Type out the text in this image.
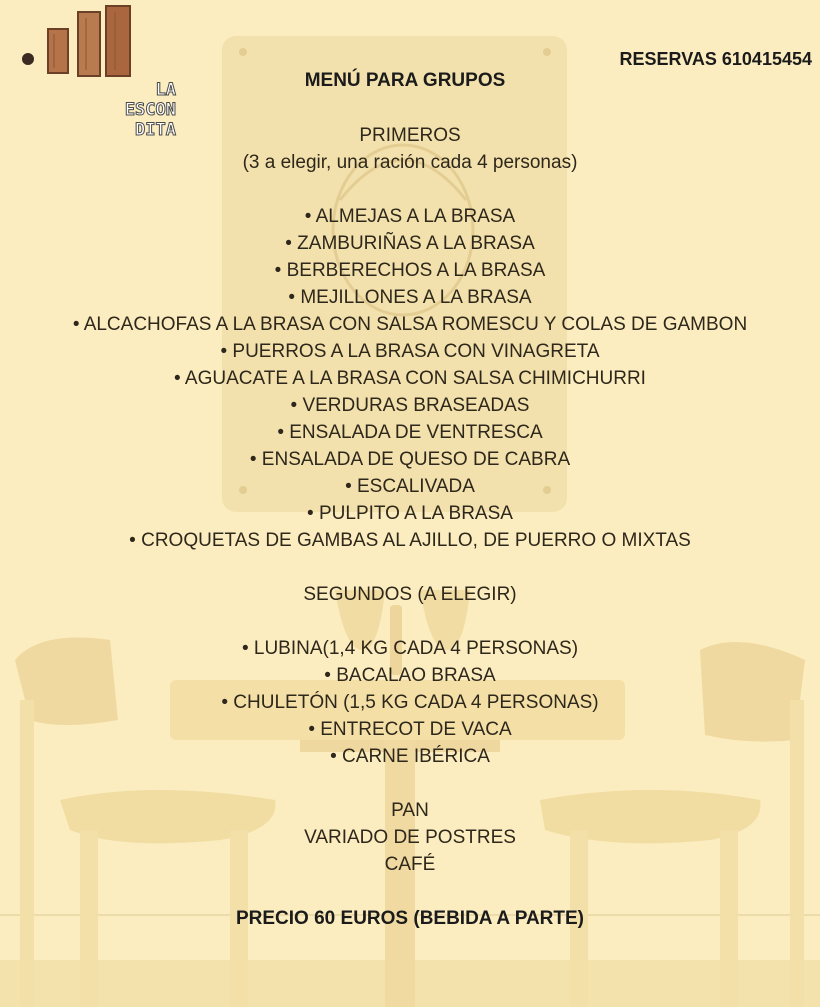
LA
ESCON
DITA
RESERVAS 610415454
MENÚ PARA GRUPOS
PRIMEROS
(3 a elegir, una ración cada 4 personas)
• ALMEJAS A LA BRASA
• ZAMBURIÑAS A LA BRASA
• BERBERECHOS A LA BRASA
• MEJILLONES A LA BRASA
• ALCACHOFAS A LA BRASA CON SALSA ROMESCU Y COLAS DE GAMBON
• PUERROS A LA BRASA CON VINAGRETA
• AGUACATE A LA BRASA CON SALSA CHIMICHURRI
• VERDURAS BRASEADAS
• ENSALADA DE VENTRESCA
• ENSALADA DE QUESO DE CABRA
• ESCALIVADA
• PULPITO A LA BRASA
• CROQUETAS DE GAMBAS AL AJILLO, DE PUERRO O MIXTAS
SEGUNDOS (A ELEGIR)
• LUBINA(1,4 KG CADA 4 PERSONAS)
• BACALAO BRASA
• CHULETÓN (1,5 KG CADA 4 PERSONAS)
• ENTRECOT DE VACA
• CARNE IBÉRICA
PAN
VARIADO DE POSTRES
CAFÉ
PRECIO 60 EUROS (BEBIDA A PARTE)
